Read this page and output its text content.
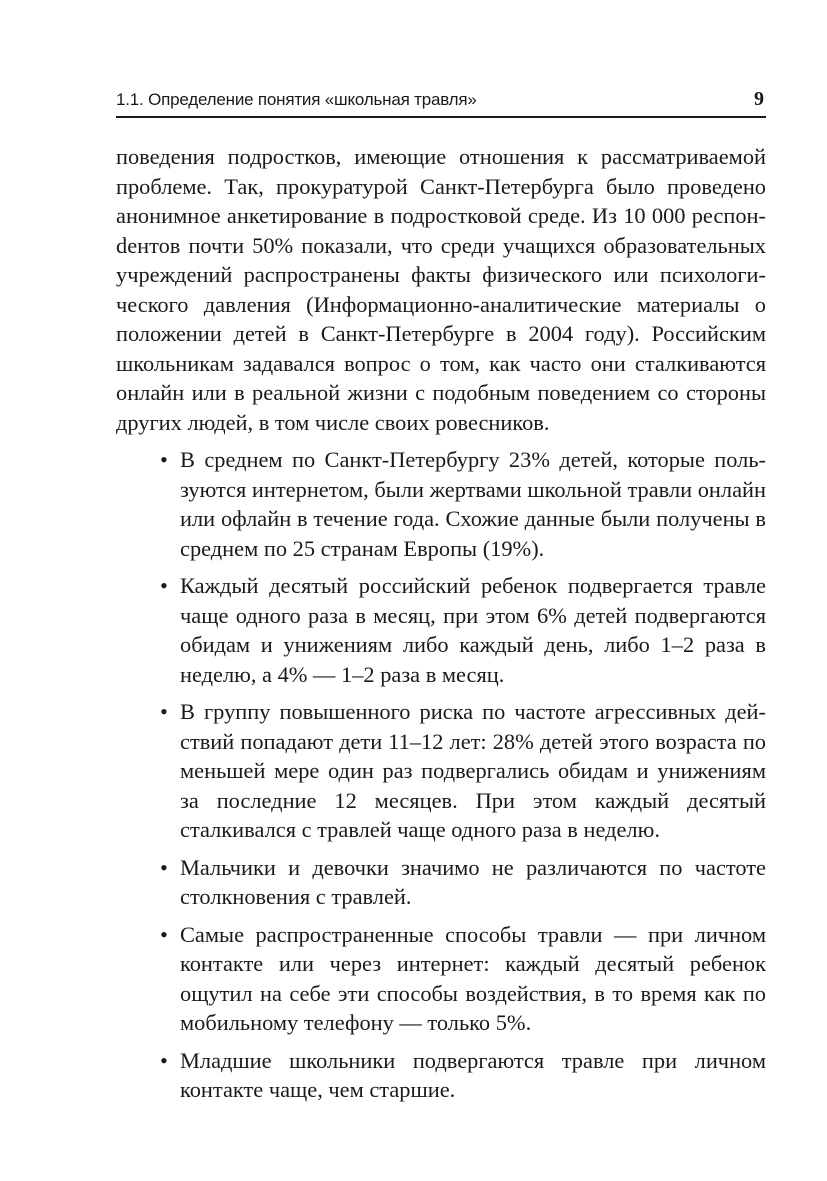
1.1. Определение понятия «школьная травля»	9

поведения подростков, имеющие отношения к рассматриваемой проблеме. Так, прокуратурой Санкт-Петербурга было проведено анонимное анкетирование в подростковой среде. Из 10 000 респонdентов почти 50% показали, что среди учащихся образовательных учреждений распространены факты физического или психологического давления (Информационно-аналитические материалы о положении детей в Санкт-Петербурге в 2004 году). Российским школьникам задавался вопрос о том, как часто они сталкиваются онлайн или в реальной жизни с подобным поведением со стороны других людей, в том числе своих ровесников.

• В среднем по Санкт-Петербургу 23% детей, которые пользуются интернетом, были жертвами школьной травли онлайн или офлайн в течение года. Схожие данные были получены в среднем по 25 странам Европы (19%).
• Каждый десятый российский ребенок подвергается травле чаще одного раза в месяц, при этом 6% детей подвергаются обидам и унижениям либо каждый день, либо 1–2 раза в неделю, а 4% — 1–2 раза в месяц.
• В группу повышенного риска по частоте агрессивных действий попадают дети 11–12 лет: 28% детей этого возраста по меньшей мере один раз подвергались обидам и унижениям за последние 12 месяцев. При этом каждый десятый сталкивался с травлей чаще одного раза в неделю.
• Мальчики и девочки значимо не различаются по частоте столкновения с травлей.
• Самые распространенные способы травли — при личном контакте или через интернет: каждый десятый ребенок ощутил на себе эти способы воздействия, в то время как по мобильному телефону — только 5%.
• Младшие школьники подвергаются травле при личном контакте чаще, чем старшие.
